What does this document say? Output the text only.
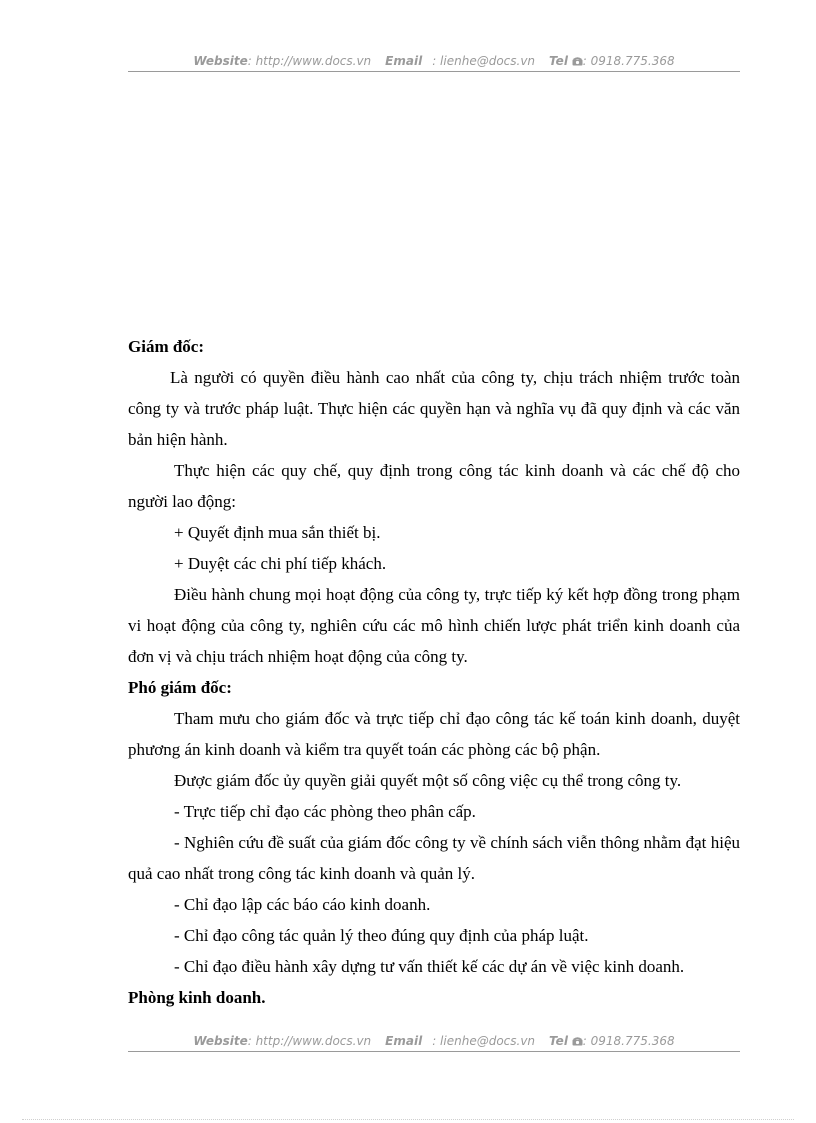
Website: http://www.docs.vn Email : lienhe@docs.vn Tel : 0918.775.368

Giám đốc:

Là người có quyền điều hành cao nhất của công ty, chịu trách nhiệm trước toàn công ty và trước pháp luật. Thực hiện các quyền hạn và nghĩa vụ đã quy định và các văn bản hiện hành.

Thực hiện các quy chế, quy định trong công tác kinh doanh và các chế độ cho người lao động:

+ Quyết định mua sắn thiết bị.

+ Duyệt các chi phí tiếp khách.

Điều hành chung mọi hoạt động của công ty, trực tiếp ký kết hợp đồng trong phạm vi hoạt động của công ty, nghiên cứu các mô hình chiến lược phát triển kinh doanh của đơn vị và chịu trách nhiệm hoạt động của công ty.

Phó giám đốc:

Tham mưu cho giám đốc và trực tiếp chỉ đạo công tác kế toán kinh doanh, duyệt phương án kinh doanh và kiểm tra quyết toán các phòng các bộ phận.

Được giám đốc ủy quyền giải quyết một số công việc cụ thể trong công ty.

- Trực tiếp chỉ đạo các phòng theo phân cấp.

- Nghiên cứu đề suất của giám đốc công ty về chính sách viễn thông nhằm đạt hiệu quả cao nhất trong công tác kinh doanh và quản lý.

- Chỉ đạo lập các báo cáo kinh doanh.

- Chỉ đạo công tác quản lý theo đúng quy định của pháp luật.

- Chỉ đạo điều hành xây dựng tư vấn thiết kế các dự án về việc kinh doanh.

Phòng kinh doanh.

Website: http://www.docs.vn Email : lienhe@docs.vn Tel : 0918.775.368
